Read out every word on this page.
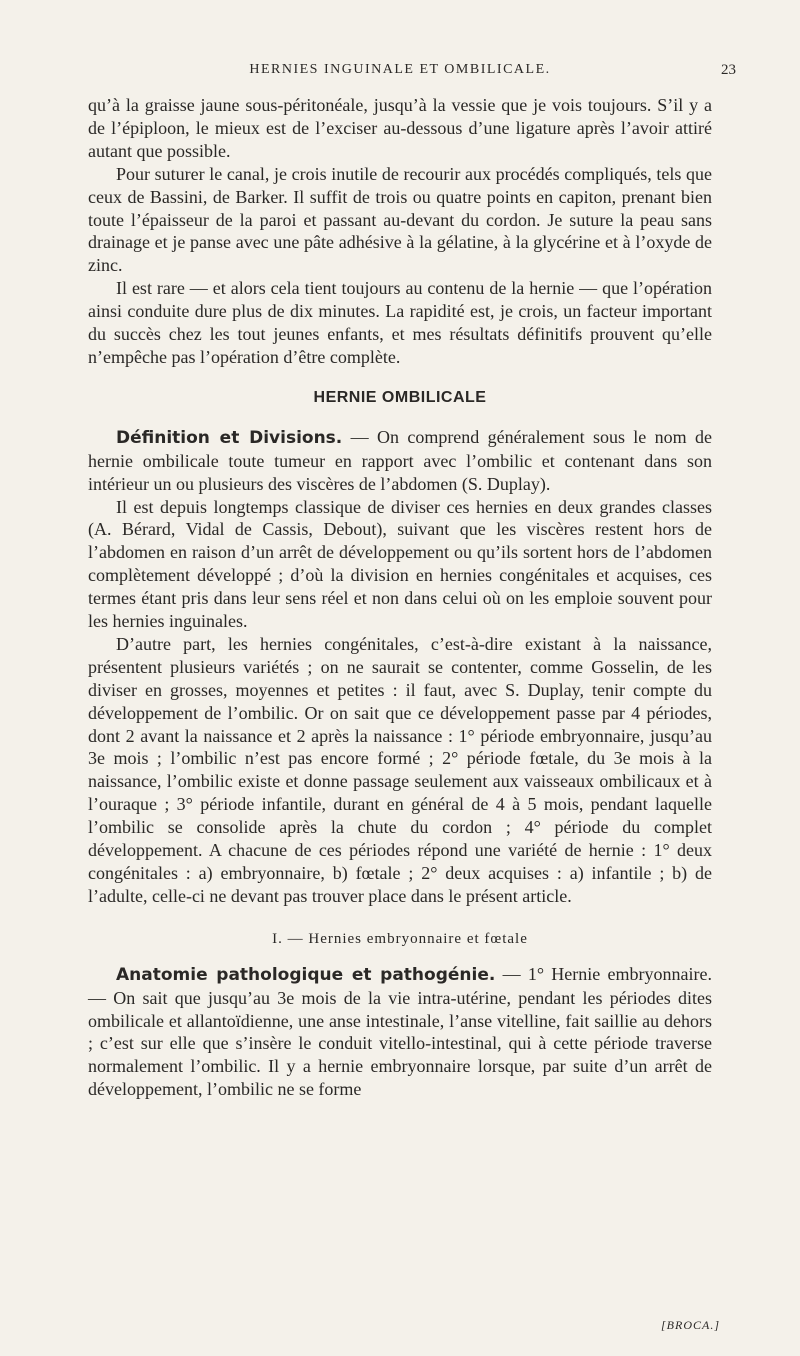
HERNIES INGUINALE ET OMBILICALE.	23

qu’à la graisse jaune sous-péritonéale, jusqu’à la vessie que je vois toujours. S’il y a de l’épiploon, le mieux est de l’exciser au-dessous d’une ligature après l’avoir attiré autant que possible.

Pour suturer le canal, je crois inutile de recourir aux procédés compliqués, tels que ceux de Bassini, de Barker. Il suffit de trois ou quatre points en capiton, prenant bien toute l’épaisseur de la paroi et passant au-devant du cordon. Je suture la peau sans drainage et je panse avec une pâte adhésive à la gélatine, à la glycérine et à l’oxyde de zinc.

Il est rare — et alors cela tient toujours au contenu de la hernie — que l’opération ainsi conduite dure plus de dix minutes. La rapidité est, je crois, un facteur important du succès chez les tout jeunes enfants, et mes résultats définitifs prouvent qu’elle n’empêche pas l’opération d’être complète.

HERNIE OMBILICALE

Définition et Divisions. — On comprend généralement sous le nom de hernie ombilicale toute tumeur en rapport avec l’ombilic et contenant dans son intérieur un ou plusieurs des viscères de l’abdomen (S. Duplay).

Il est depuis longtemps classique de diviser ces hernies en deux grandes classes (A. Bérard, Vidal de Cassis, Debout), suivant que les viscères restent hors de l’abdomen en raison d’un arrêt de développement ou qu’ils sortent hors de l’abdomen complètement développé ; d’où la division en hernies congénitales et acquises, ces termes étant pris dans leur sens réel et non dans celui où on les emploie souvent pour les hernies inguinales.

D’autre part, les hernies congénitales, c’est-à-dire existant à la naissance, présentent plusieurs variétés ; on ne saurait se contenter, comme Gosselin, de les diviser en grosses, moyennes et petites : il faut, avec S. Duplay, tenir compte du développement de l’ombilic. Or on sait que ce développement passe par 4 périodes, dont 2 avant la naissance et 2 après la naissance : 1° période embryonnaire, jusqu’au 3e mois ; l’ombilic n’est pas encore formé ; 2° période fœtale, du 3e mois à la naissance, l’ombilic existe et donne passage seulement aux vaisseaux ombilicaux et à l’ouraque ; 3° période infantile, durant en général de 4 à 5 mois, pendant laquelle l’ombilic se consolide après la chute du cordon ; 4° période du complet développement. A chacune de ces périodes répond une variété de hernie : 1° deux congénitales : a) embryonnaire, b) fœtale ; 2° deux acquises : a) infantile ; b) de l’adulte, celle-ci ne devant pas trouver place dans le présent article.

I. — Hernies embryonnaire et fœtale

Anatomie pathologique et pathogénie. — 1° Hernie embryonnaire. — On sait que jusqu’au 3e mois de la vie intra-utérine, pendant les périodes dites ombilicale et allantoïdienne, une anse intestinale, l’anse vitelline, fait saillie au dehors ; c’est sur elle que s’insère le conduit vitello-intestinal, qui à cette période traverse normalement l’ombilic. Il y a hernie embryonnaire lorsque, par suite d’un arrêt de développement, l’ombilic ne se forme

[BROCA.]
